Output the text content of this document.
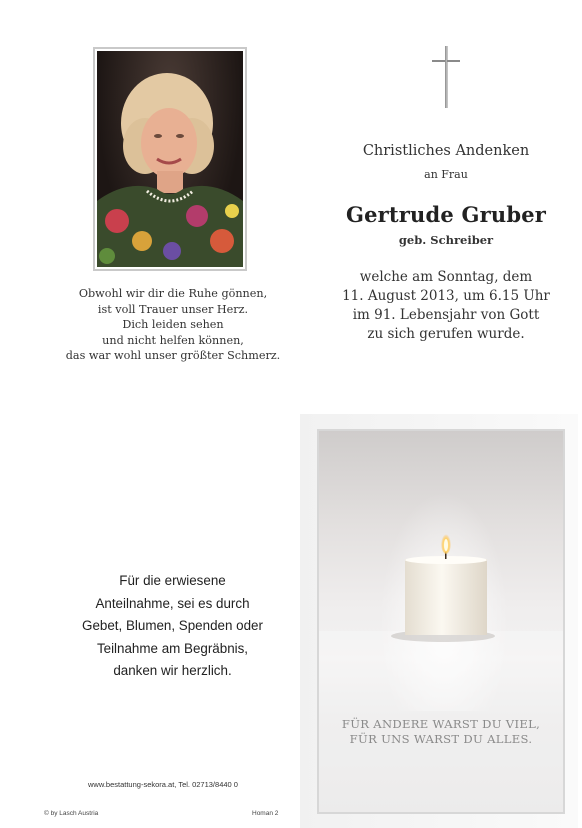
Obwohl wir dir die Ruhe gönnen,
ist voll Trauer unser Herz.
Dich leiden sehen
und nicht helfen können,
das war wohl unser größter Schmerz.
Christliches Andenken
an Frau
Gertrude Gruber
geb. Schreiber
welche am Sonntag, dem
11. August 2013, um 6.15 Uhr
im 91. Lebensjahr von Gott
zu sich gerufen wurde.
Für die erwiesene
Anteilnahme, sei es durch
Gebet, Blumen, Spenden oder
Teilnahme am Begräbnis,
danken wir herzlich.
www.bestattung-sekora.at, Tel. 02713/8440 0
© by Lasch Austria	Homan 2
FÜR ANDERE WARST DU VIEL,
FÜR UNS WARST DU ALLES.
